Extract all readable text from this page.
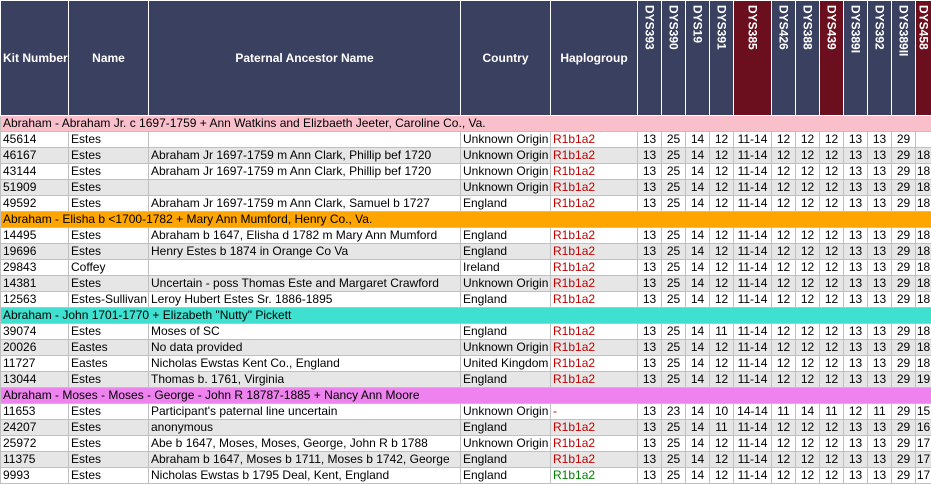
Kit Number	Name	Paternal Ancestor Name	Country	Haplogroup	DYS393	DYS390	DYS19	DYS391	DYS385	DYS426	DYS388	DYS439	DYS389I	DYS392	DYS389II	DYS458
Abraham - Abraham Jr. c 1697-1759 + Ann Watkins and Elizbaeth Jeeter, Caroline Co., Va.																
45614	Estes		Unknown Origin	R1b1a2	13	25	14	12	11-14	12	12	12	13	13	29	
46167	Estes	Abraham Jr 1697-1759 m Ann Clark, Phillip bef 1720	Unknown Origin	R1b1a2	13	25	14	12	11-14	12	12	12	13	13	29	18
43144	Estes	Abraham Jr 1697-1759 m Ann Clark, Phillip bef 1720	Unknown Origin	R1b1a2	13	25	14	12	11-14	12	12	12	13	13	29	18
51909	Estes		Unknown Origin	R1b1a2	13	25	14	12	11-14	12	12	12	13	13	29	18
49592	Estes	Abraham Jr 1697-1759 m Ann Clark, Samuel b 1727	England	R1b1a2	13	25	14	12	11-14	12	12	12	13	13	29	18
Abraham - Elisha b <1700-1782 + Mary Ann Mumford, Henry Co., Va.																
14495	Estes	Abraham b 1647, Elisha d 1782 m Mary Ann Mumford	England	R1b1a2	13	25	14	12	11-14	12	12	12	13	13	29	18
19696	Estes	Henry Estes b 1874 in Orange Co Va	England	R1b1a2	13	25	14	12	11-14	12	12	12	13	13	29	18
29843	Coffey		Ireland	R1b1a2	13	25	14	12	11-14	12	12	12	13	13	29	18
14381	Estes	Uncertain - poss Thomas Este and Margaret Crawford	Unknown Origin	R1b1a2	13	25	14	12	11-14	12	12	12	13	13	29	18
12563	Estes-Sullivan	Leroy Hubert Estes Sr. 1886-1895	England	R1b1a2	13	25	14	12	11-14	12	12	12	13	13	29	18
Abraham - John 1701-1770 + Elizabeth "Nutty" Pickett																
39074	Estes	Moses of SC	England	R1b1a2	13	25	14	11	11-14	12	12	12	13	13	29	18
20026	Eastes	No data provided	Unknown Origin	R1b1a2	13	25	14	12	11-14	12	12	12	13	13	29	18
11727	Eastes	Nicholas Ewstas Kent Co., England	United Kingdom	R1b1a2	13	25	14	12	11-14	12	12	12	13	13	29	18
13044	Estes	Thomas b. 1761, Virginia	England	R1b1a2	13	25	14	12	11-14	12	12	12	13	13	29	19
Abraham - Moses - Moses - George - John R 18787-1885 + Nancy Ann Moore																
11653	Estes	Participant's paternal line uncertain	Unknown Origin	-	13	23	14	10	14-14	11	14	11	12	11	29	15
24207	Estes	anonymous	England	R1b1a2	13	25	14	11	11-14	12	12	12	13	13	29	16
25972	Estes	Abe b 1647, Moses, Moses, George, John R b 1788	Unknown Origin	R1b1a2	13	25	14	12	11-14	12	12	12	13	13	29	17
11375	Estes	Abraham b 1647, Moses b 1711, Moses b 1742, George	England	R1b1a2	13	25	14	12	11-14	12	12	12	13	13	29	17
9993	Estes	Nicholas Ewstas b 1795 Deal, Kent, England	England	R1b1a2	13	25	14	12	11-14	12	12	12	13	13	29	17
